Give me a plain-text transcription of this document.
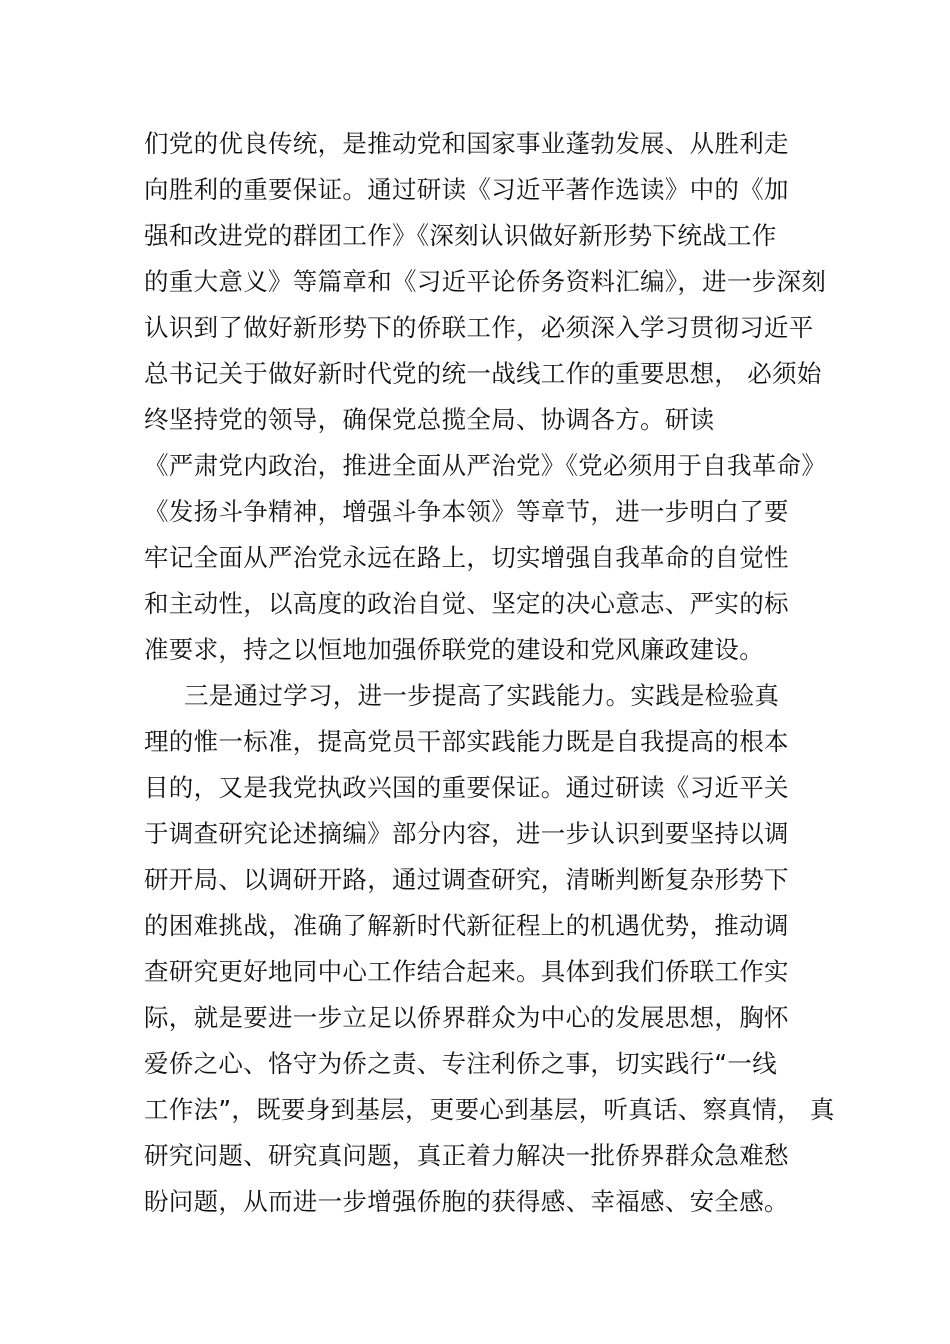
们党的优良传统，是推动党和国家事业蓬勃发展、从胜利走
向胜利的重要保证。通过研读《习近平著作选读》中的《加
强和改进党的群团工作》《深刻认识做好新形势下统战工作
的重大意义》等篇章和《习近平论侨务资料汇编》，进一步深刻
认识到了做好新形势下的侨联工作，必须深入学习贯彻习近平
总书记关于做好新时代党的统一战线工作的重要思想， 必须始
终坚持党的领导，确保党总揽全局、协调各方。研读
《严肃党内政治，推进全面从严治党》《党必须用于自我革命》
《发扬斗争精神，增强斗争本领》等章节，进一步明白了要
牢记全面从严治党永远在路上，切实增强自我革命的自觉性
和主动性，以高度的政治自觉、坚定的决心意志、严实的标
准要求，持之以恒地加强侨联党的建设和党风廉政建设。
三是通过学习，进一步提高了实践能力。实践是检验真
理的惟一标准，提高党员干部实践能力既是自我提高的根本
目的，又是我党执政兴国的重要保证。通过研读《习近平关
于调查研究论述摘编》部分内容，进一步认识到要坚持以调
研开局、以调研开路，通过调查研究，清晰判断复杂形势下
的困难挑战，准确了解新时代新征程上的机遇优势，推动调
查研究更好地同中心工作结合起来。具体到我们侨联工作实
际，就是要进一步立足以侨界群众为中心的发展思想，胸怀
爱侨之心、恪守为侨之责、专注利侨之事，切实践行“一线
工作法”，既要身到基层，更要心到基层，听真话、察真情， 真
研究问题、研究真问题，真正着力解决一批侨界群众急难愁
盼问题，从而进一步增强侨胞的获得感、幸福感、安全感。
